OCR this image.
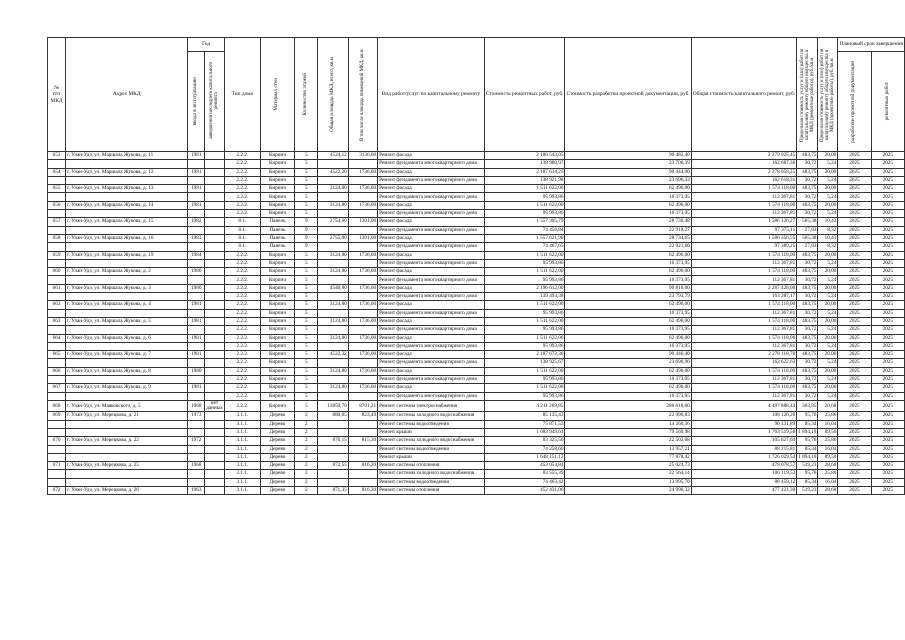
№
п/п
МКД	Адрес МКД	Год		Тип дома	Материал стен	Количество этажей	Общая площадь МКД, всего, кв.м	В том числе площадь помещений МКД, кв.м	Вид работ/услуг по капитальному ремонту	Стоимость ремонтных работ, руб.	Стоимость разработки проектной документации, руб.	Общая стоимость капитального ремонт, руб.	Предельная стоимость услуг и (или) работ по капитальному ремонту общего имущества в МКД (ремонтные работы), руб./кв.м	Предельная стоимость услуг и (или) работ по капитальному ремонту общего имущества в МКД (проектные работы), руб./кв.м	Плановый срок завершения	

		ввода в эксплуатацию	завершения последнего капитального ремонта												разработки проектной документации	ремонтных работ

653	г. Улан-Удэ, ул. Маршала Жукова, д. 11	1981		2.2.2.	Кирпич	5	4524,12	3136,00	Ремонт фасада	2 186 543,05	90 482,40	2 279 025,45	483,75	20,00	2025	2025
				2.2.2.	Кирпич	5			Ремонт фундамента многоквартирного дома	138 980,97	23 706,39	162 687,36	30,72	5,24	2025	2025
654	г. Улан-Удэ, ул. Маршала Жукова, д. 12	1981		2.2.2.	Кирпич	5	4522,20	1736,00	Ремонт фасада	2 187 614,25	90 444,00	2 278 058,25	483,75	20,00	2025	2025
				2.2.2.	Кирпич	5			Ремонт фундамента многоквартирного дома	138 921,98	23 696,33	162 618,31	30,72	5,24	2025	2025
655	г. Улан-Удэ, ул. Маршала Жукова, д. 13	1981		2.2.2.	Кирпич	5	3124,80	1736,00	Ремонт фасада	1 511 622,00	62 496,00	1 574 118,00	483,75	20,00	2025	2025
				2.2.2.	Кирпич	5			Ремонт фундамента многоквартирного дома	95 993,86	16 373,95	112 367,81	30,72	5,24	2025	2025
656	г. Улан-Удэ, ул. Маршала Жукова, д. 14	1981		2.2.2.	Кирпич	5	3124,80	1736,00	Ремонт фасада	1 511 622,00	62 496,00	1 574 118,00	483,75	20,00	2025	2025
				2.2.2.	Кирпич	5			Ремонт фундамента многоквартирного дома	95 993,86	16 373,95	112 367,81	30,72	5,24	2025	2025
657	г. Улан-Удэ, ул. Маршала Жукова, д. 15	1982		8.1.	Панель	9	2754,60	1301,00	Ремонт фасада	1 557 395,79	28 730,48	1 586 126,27	565,38	10,43	2025	2025
				8.1.	Панель	9			Ремонт фундамента многоквартирного дома	74 456,84	22 918,27	97 375,11	27,03	8,32	2025	2025
658	г. Улан-Удэ, ул. Маршала Жукова, д. 16	1983		8.1.	Панель	9	2755,00	1301,00	Ремонт фасада	1 557 621,90	28 734,65	1 586 356,55	565,38	10,43	2025	2025
				8.1.	Панель	9			Ремонт фундамента многоквартирного дома	74 467,65	22 921,60	97 389,25	27,03	8,32	2025	2025
659	г. Улан-Удэ, ул. Маршала Жукова, д. 19	1984		2.2.2.	Кирпич	5	3124,80	1736,00	Ремонт фасада	1 511 622,00	62 496,00	1 574 118,00	483,75	20,00	2025	2025
				2.2.2.	Кирпич	5			Ремонт фундамента многоквартирного дома	95 993,86	16 373,95	112 367,81	30,72	5,24	2025	2025
660	г. Улан-Удэ, ул. Маршала Жукова, д. 2	1980		2.2.2.	Кирпич	5	3124,80	1736,00	Ремонт фасада	1 511 622,00	62 496,00	1 574 118,00	483,75	20,00	2025	2025
				2.2.2.	Кирпич	5			Ремонт фундамента многоквартирного дома	95 993,86	16 373,95	112 367,81	30,72	5,24	2025	2025
661	г. Улан-Удэ, ул. Маршала Жукова, д. 3	1980		2.2.2.	Кирпич	5	4540,80	1736,00	Ремонт фасада	2 196 612,00	90 816,00	2 287 428,00	483,75	20,00	2025	2025
				2.2.2.	Кирпич	5			Ремонт фундамента многоквартирного дома	139 493,38	23 793,79	163 287,17	30,72	5,24	2025	2025
662	г. Улан-Удэ, ул. Маршала Жукова, д. 4	1981		2.2.2.	Кирпич	5	3124,80	1736,00	Ремонт фасада	1 511 622,00	62 496,00	1 574 118,00	483,75	20,00	2025	2025
				2.2.2.	Кирпич	5			Ремонт фундамента многоквартирного дома	95 993,86	16 373,95	112 367,81	30,72	5,24	2025	2025
663	г. Улан-Удэ, ул. Маршала Жукова, д. 5	1981		2.2.2.	Кирпич	5	3124,80	1736,00	Ремонт фасада	1 511 622,00	62 496,00	1 574 118,00	483,75	20,00	2025	2025
				2.2.2.	Кирпич	5			Ремонт фундамента многоквартирного дома	95 993,86	16 373,95	112 367,81	30,72	5,24	2025	2025
664	г. Улан-Удэ, ул. Маршала Жукова, д. 6	1981		2.2.2.	Кирпич	5	3124,80	1736,00	Ремонт фасада	1 511 622,00	62 496,00	1 574 118,00	483,75	20,00	2025	2025
				2.2.2.	Кирпич	5			Ремонт фундамента многоквартирного дома	95 993,86	16 373,95	112 367,81	30,72	5,24	2025	2025
665	г. Улан-Удэ, ул. Маршала Жукова, д. 7	1981		2.2.2.	Кирпич	5	4522,32	1736,00	Ремонт фасада	2 187 672,30	90 446,40	2 278 118,70	483,75	20,00	2025	2025
				2.2.2.	Кирпич	5			Ремонт фундамента многоквартирного дома	138 925,67	23 696,96	162 622,63	30,72	5,24	2025	2025
666	г. Улан-Удэ, ул. Маршала Жукова, д. 8	1980		2.2.2.	Кирпич	5	3124,80	1736,00	Ремонт фасада	1 511 622,00	62 496,00	1 574 118,00	483,75	20,00	2025	2025
				2.2.2.	Кирпич	5			Ремонт фундамента многоквартирного дома	95 993,86	16 373,95	112 367,81	30,72	5,24	2025	2025
667	г. Улан-Удэ, ул. Маршала Жукова, д. 9	1981		2.2.2.	Кирпич	5	3124,80	1736,00	Ремонт фасада	1 511 622,00	62 496,00	1 574 118,00	483,75	20,00	2025	2025
				2.2.2.	Кирпич	5			Ремонт фундамента многоквартирного дома	95 993,86	16 373,95	112 367,81	30,72	5,24	2025	2025
668	г. Улан-Удэ, ул. Маяковского, д. 5	1968	нет данных	2.2.2.	Кирпич	5	13859,70	8701,21	Ремонт системы электроснабжения	4 211 269,85	286 618,60	4 497 888,44	303,85	20,68	2025	2025
669	г. Улан-Удэ, ул. Мерецкова, д. 21	1973		3.1.1.	Дерево	2	880,05	823,49	Ремонт системы холодного водоснабжения	85 135,43	22 990,83	108 126,26	95,76	25,86	2025	2025
				3.1.1.	Дерево	2			Ремонт системы водоотведения	75 871,53	14 260,36	90 131,89	85,34	16,04	2025	2025
				3.1.1.	Дерево	2			Ремонт крыши	1 683 949,61	79 569,98	1 763 519,58	1 894,10	89,50	2025	2025
670	г. Улан-Удэ, ул. Мерецкова, д. 22	1972		3.1.1.	Дерево	2	870,15	815,30	Ремонт системы холодного водоснабжения	83 325,56	22 502,08	105 827,64	95,76	25,86	2025	2025
				3.1.1.	Дерево	2			Ремонт системы водоотведения	74 258,60	13 957,21	88 215,81	85,34	16,04	2025	2025
				3.1.1.	Дерево	2			Ремонт крыши	1 648 151,12	77 878,42	1 726 029,54	1 894,10	89,50	2025	2025
671	г. Улан-Удэ, ул. Мерецкова, д. 25	1968		3.1.1.	Дерево	2	872,55	816,20	Ремонт системы отопления	453 054,84	25 024,73	478 078,57	519,23	28,68	2025	2025
				3.1.1.	Дерево	2			Ремонт системы холодного водоснабжения	83 555,39	22 564,14	106 119,53	95,76	25,86	2025	2025
				3.1.1.	Дерево	2			Ремонт системы водоотведения	74 463,42	13 995,70	88 459,12	85,34	16,04	2025	2025
672	г. Улан-Удэ, ул. Мерецкова, д. 26	1963		3.1.1.	Дерево	2	871,35	816,20	Ремонт системы отопления	452 431,06	24 990,32	477 421,38	519,23	28,68	2025	2025
